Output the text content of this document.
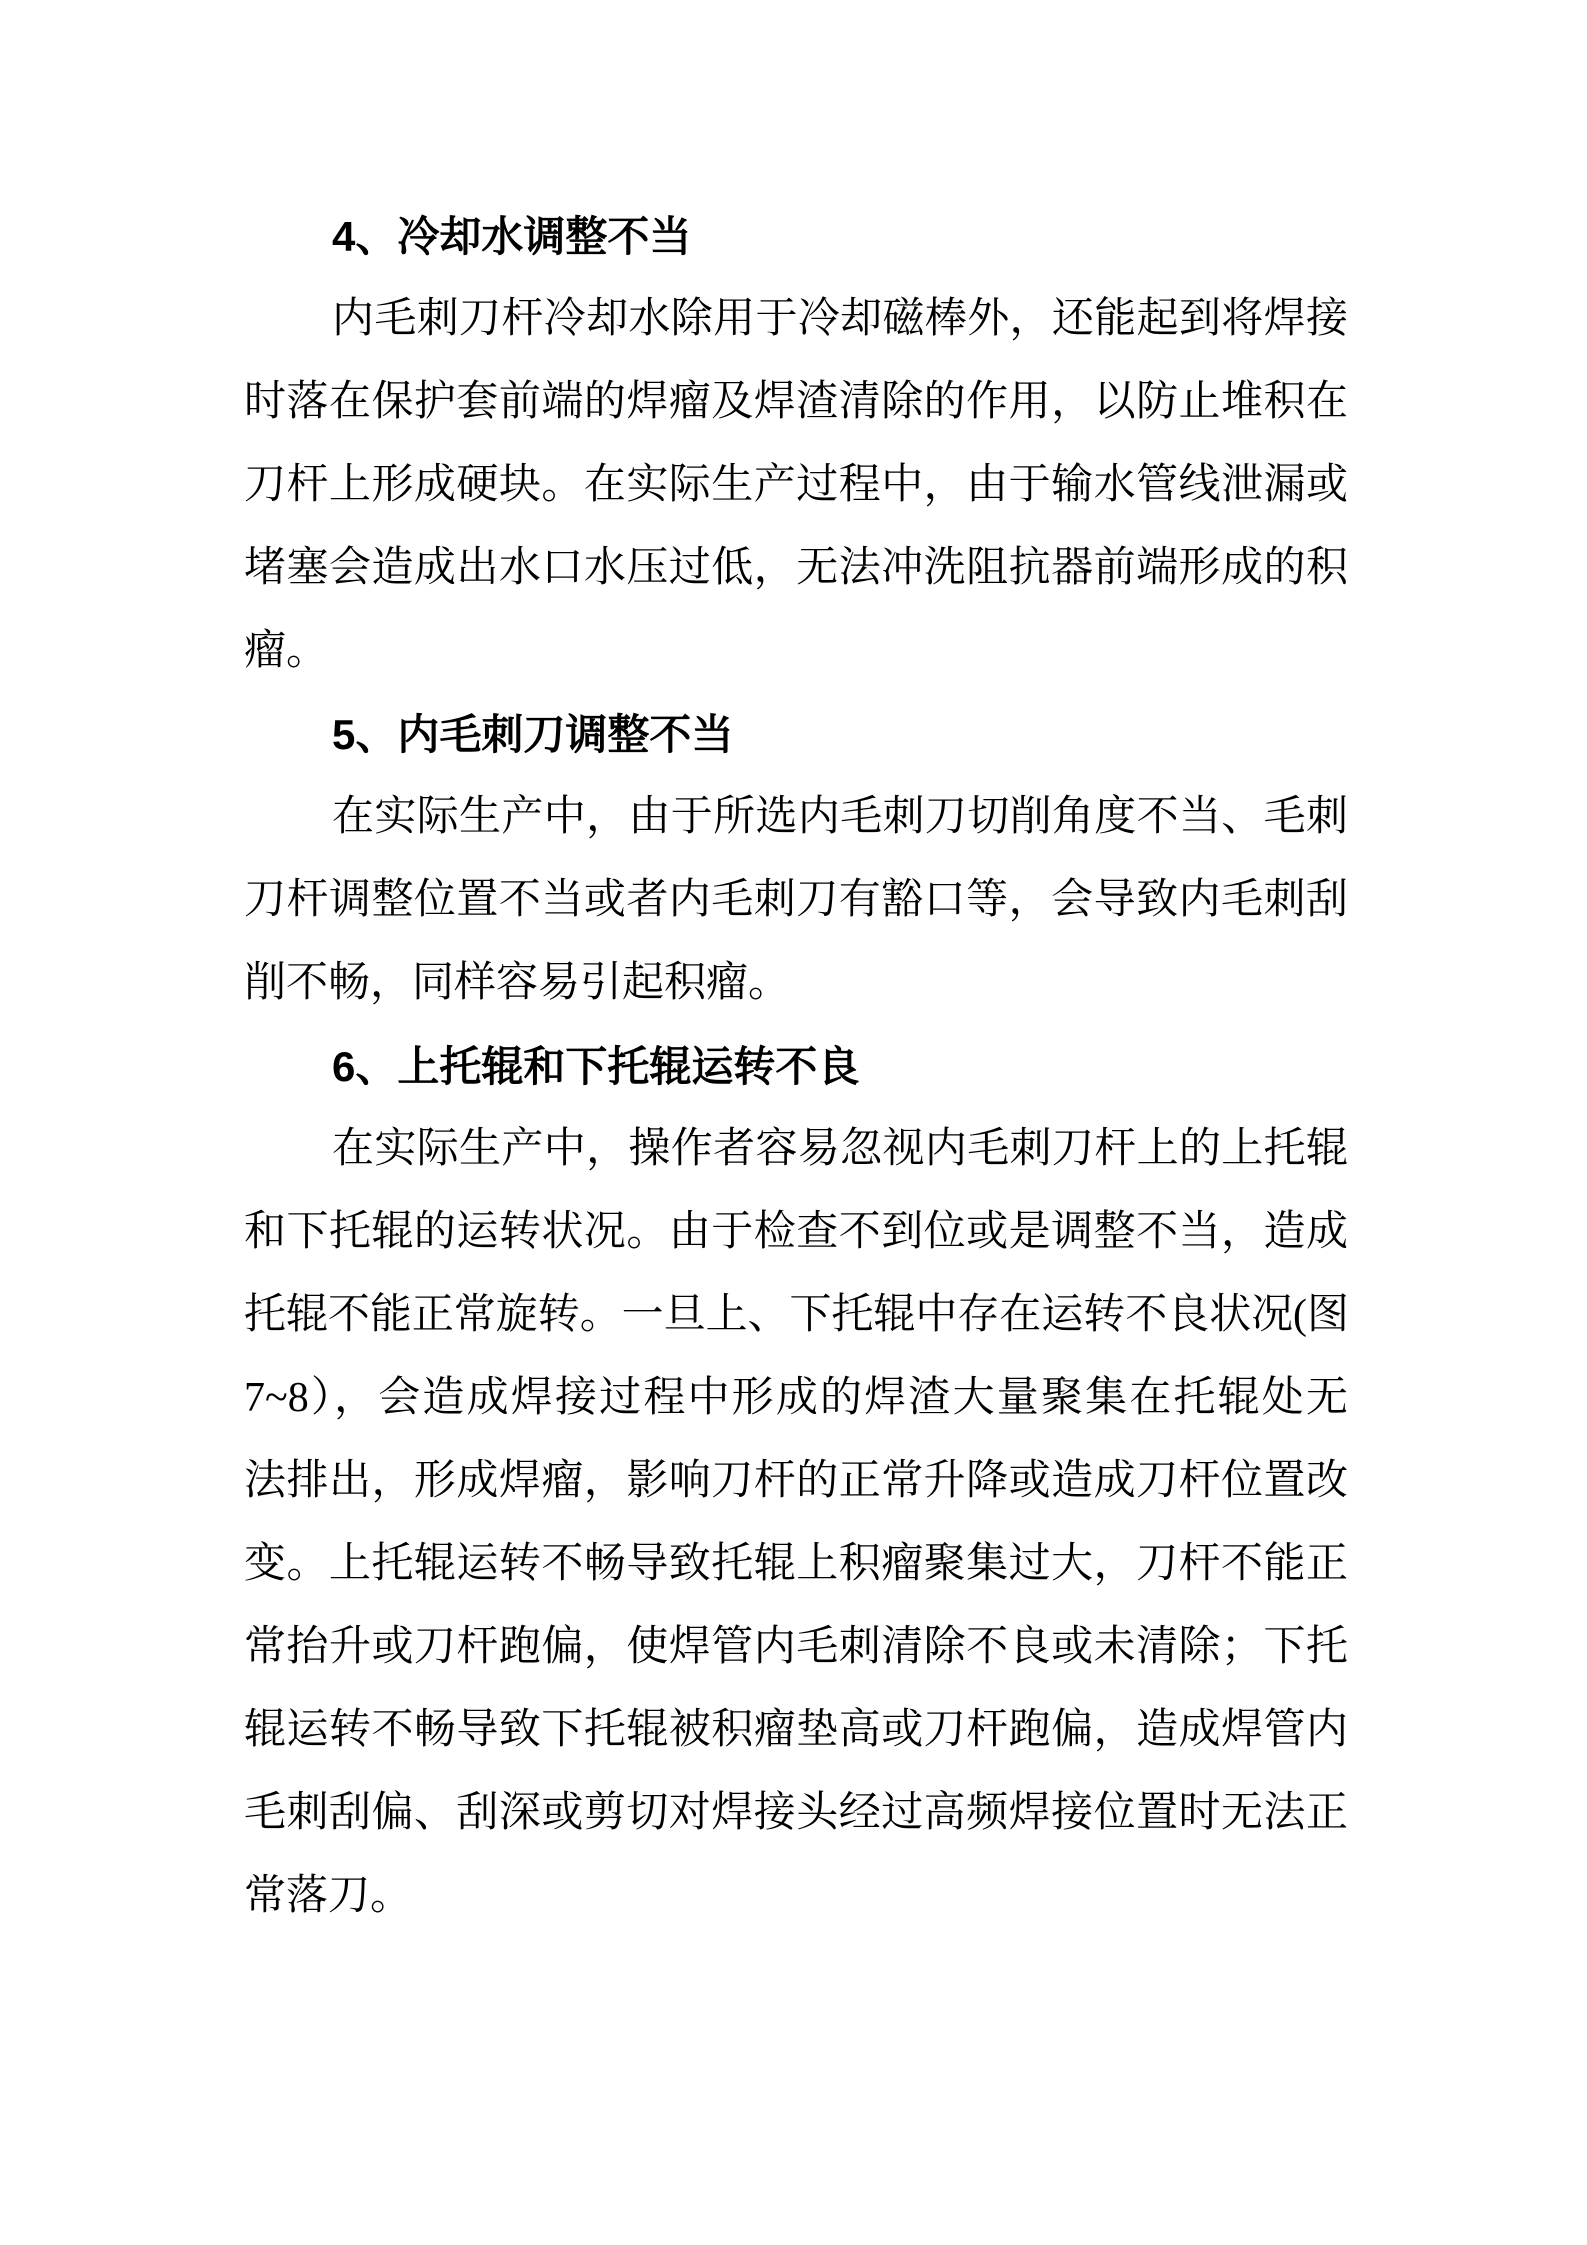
4、冷却水调整不当
内毛刺刀杆冷却水除用于冷却磁棒外，还能起到将焊接
时落在保护套前端的焊瘤及焊渣清除的作用，以防止堆积在
刀杆上形成硬块。在实际生产过程中，由于输水管线泄漏或
堵塞会造成出水口水压过低，无法冲洗阻抗器前端形成的积
瘤。
5、内毛刺刀调整不当
在实际生产中，由于所选内毛刺刀切削角度不当、毛刺
刀杆调整位置不当或者内毛刺刀有豁口等，会导致内毛刺刮
削不畅，同样容易引起积瘤。
6、上托辊和下托辊运转不良
在实际生产中，操作者容易忽视内毛刺刀杆上的上托辊
和下托辊的运转状况。由于检查不到位或是调整不当，造成
托辊不能正常旋转。一旦上、下托辊中存在运转不良状况(图
7~8），会造成焊接过程中形成的焊渣大量聚集在托辊处无
法排出，形成焊瘤，影响刀杆的正常升降或造成刀杆位置改
变。上托辊运转不畅导致托辊上积瘤聚集过大，刀杆不能正
常抬升或刀杆跑偏，使焊管内毛刺清除不良或未清除；下托
辊运转不畅导致下托辊被积瘤垫高或刀杆跑偏，造成焊管内
毛刺刮偏、刮深或剪切对焊接头经过高频焊接位置时无法正
常落刀。
